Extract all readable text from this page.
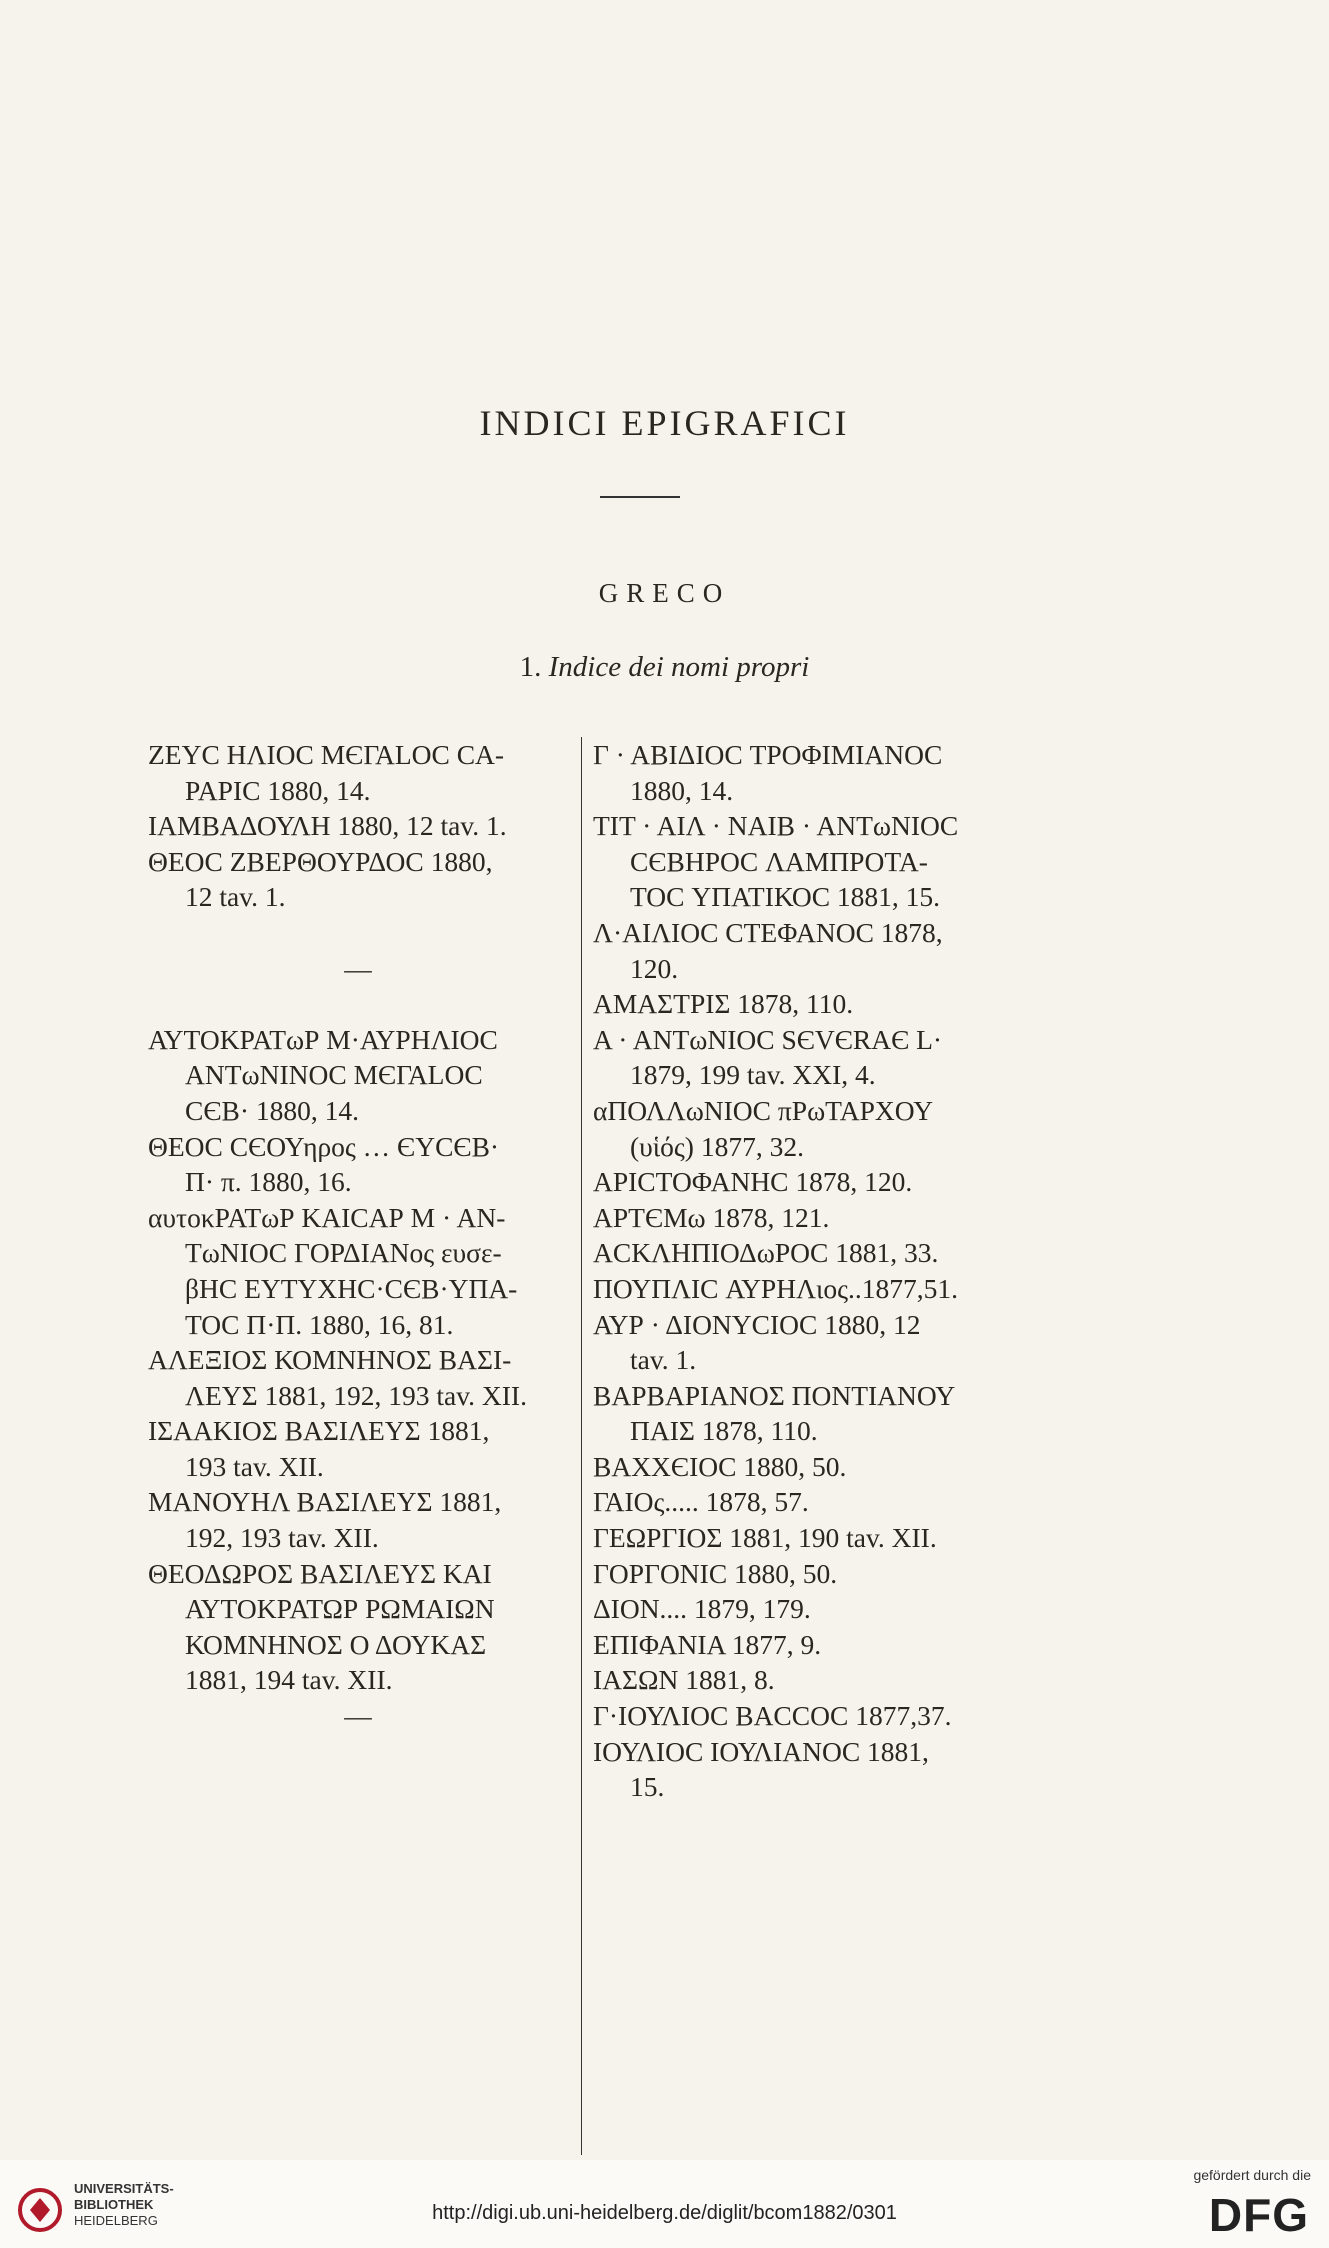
INDICI EPIGRAFICI
GRECO
1. Indice dei nomi propri
ΖΕΥC ΗΛΙΟC ΜЄΓΑLOC CA-
ΡΑΡΙC 1880, 14.
ΙΑΜΒΑΔΟΥΛΗ 1880, 12 tav. 1.
ΘΕΟC ΖΒΕΡΘΟΥΡΔΟC 1880,
12 tav. 1.
—
ΑΥΤΟΚΡΑΤωΡ Μ·ΑΥΡΗΛΙΟC
ΑΝΤωΝΙΝΟC ΜЄΓΑLOC
CЄΒ· 1880, 14.
ΘΕΟC CЄΟΥηρος … ЄΥCЄΒ·
Π· π. 1880, 16.
αυτοκΡΑΤωΡ ΚΑΙCΑΡ Μ · ΑΝ-
ΤωΝΙΟC ΓΟΡΔΙΑΝος ευσε-
βΗC ΕΥΤΥΧΗC·CЄΒ·ΥΠΑ-
ΤΟC Π·Π. 1880, 16, 81.
ΑΛΕΞΙΟΣ ΚΟΜΝΗΝΟΣ ΒΑΣΙ-
ΛΕΥΣ 1881, 192, 193 tav. XII.
ΙΣΑΑΚΙΟΣ ΒΑΣΙΛΕΥΣ 1881,
193 tav. XII.
ΜΑΝΟΥΗΛ ΒΑΣΙΛΕΥΣ 1881,
192, 193 tav. XII.
ΘΕΟΔΩΡΟΣ ΒΑΣΙΛΕΥΣ ΚΑΙ
ΑΥΤΟΚΡΑΤΩΡ ΡΩΜΑΙΩΝ
ΚΟΜΝΗΝΟΣ Ο ΔΟΥΚΑΣ
1881, 194 tav. XII.
—
Γ · ΑΒΙΔΙΟC ΤΡΟΦΙΜΙΑΝΟC
1880, 14.
ΤΙΤ · ΑΙΛ · ΝΑΙΒ · ΑΝΤωΝΙΟC
CЄΒΗΡΟC ΛΑΜΠΡΟΤΑ-
ΤΟC ΥΠΑΤΙΚΟC 1881, 15.
Λ·ΑΙΛΙΟC CΤΕΦΑΝΟC 1878,
120.
ΑΜΑΣΤΡΙΣ 1878, 110.
Α · ΑΝΤωΝΙΟC SЄVЄRAЄ L·
1879, 199 tav. XXI, 4.
αΠΟΛΛωΝΙΟC πΡωΤΑΡΧΟΥ
(υἱός) 1877, 32.
ΑΡΙCΤΟΦΑΝΗC 1878, 120.
ΑΡΤЄΜω 1878, 121.
ΑCΚΛΗΠΙΟΔωΡΟC 1881, 33.
ΠΟΥΠΛΙC ΑΥΡΗΛιος..1877,51.
ΑΥΡ · ΔΙΟΝΥCΙΟC 1880, 12
tav. 1.
ΒΑΡΒΑΡΙΑΝΟΣ ΠΟΝΤΙΑΝΟΥ
ΠΑΙΣ 1878, 110.
ΒΑΧΧЄΙΟC 1880, 50.
ΓΑΙΟς..... 1878, 57.
ΓΕΩΡΓΙΟΣ 1881, 190 tav. XII.
ΓΟΡΓΟΝΙC 1880, 50.
ΔΙΟΝ.... 1879, 179.
ΕΠΙΦΑΝΙΑ 1877, 9.
ΙΑΣΩΝ 1881, 8.
Γ·ΙΟΥΛΙΟC ΒΑCCΟC 1877,37.
ΙΟΥΛΙΟC ΙΟΥΛΙΑΝΟC 1881,
15.
UNIVERSITÄTS-
BIBLIOTHEK
HEIDELBERG	http://digi.ub.uni-heidelberg.de/diglit/bcom1882/0301
gefördert durch die
DFG
